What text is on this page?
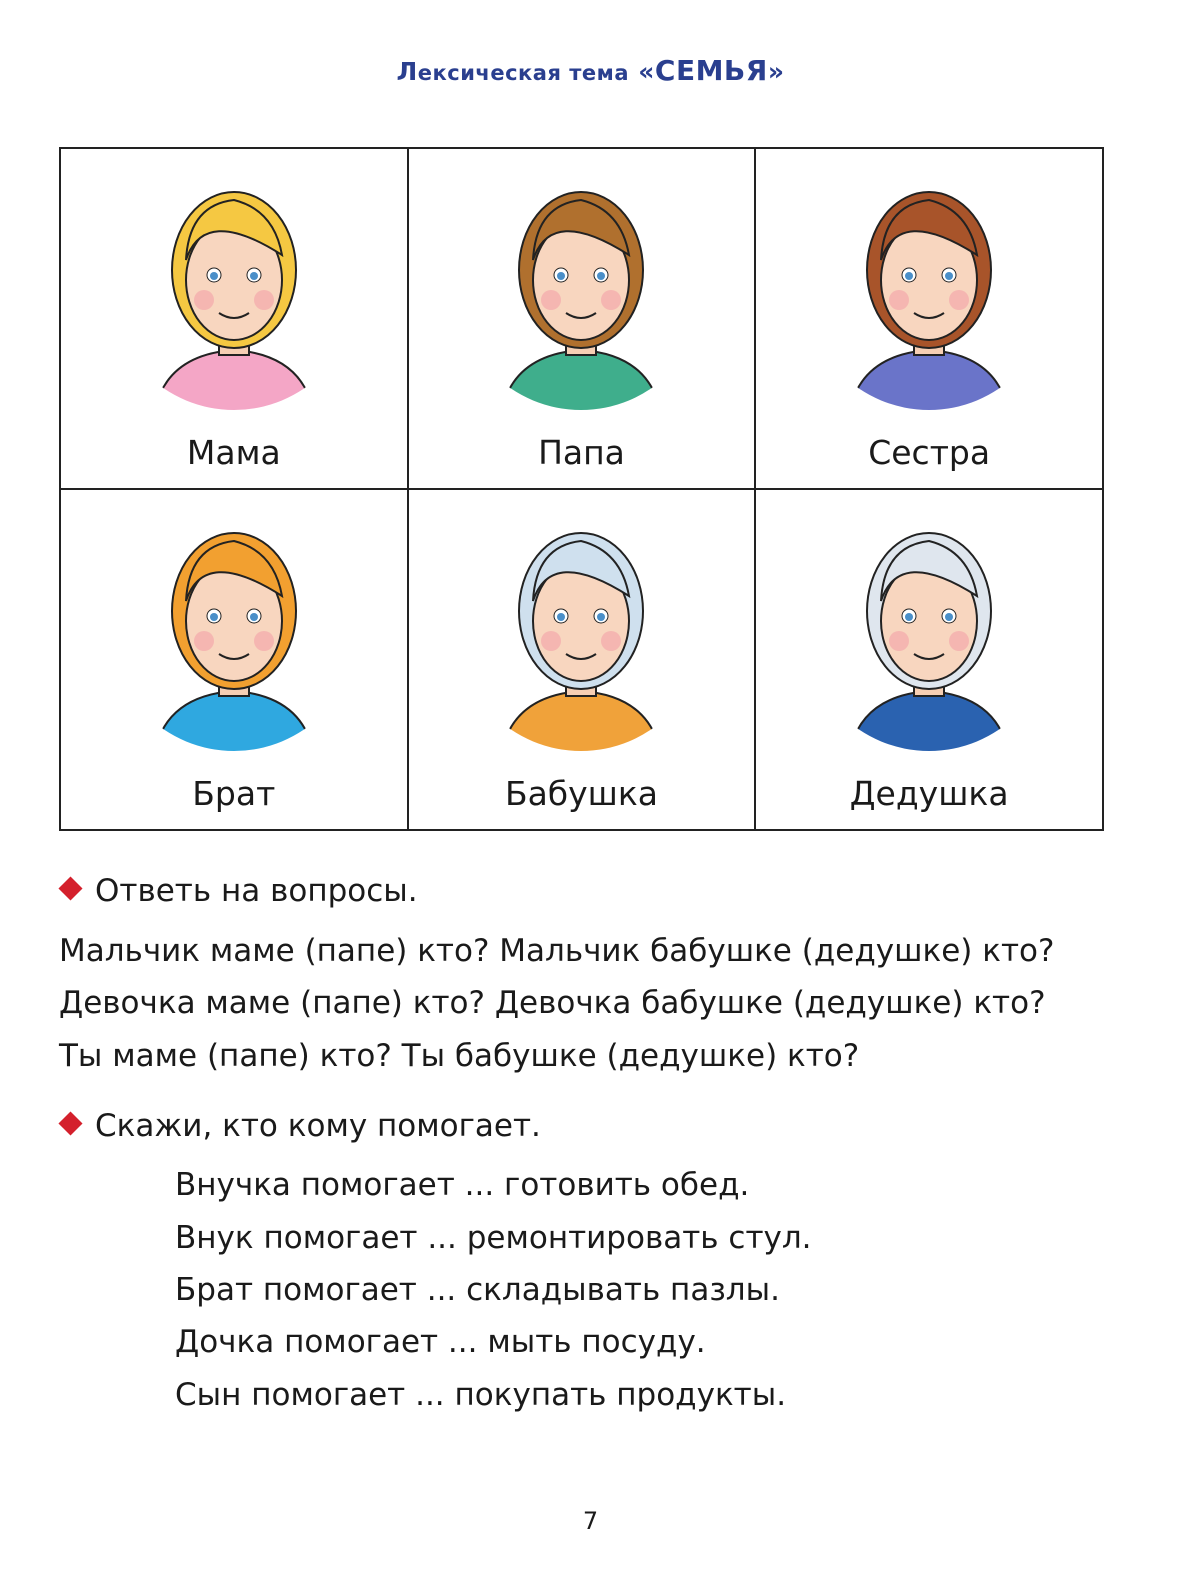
Лексическая тема «СЕМЬЯ»
Мама	Папа	Сестра
Брат	Бабушка	Дедушка
Ответь на вопросы.
Мальчик маме (папе) кто? Мальчик бабушке (дедушке) кто?
Девочка маме (папе) кто? Девочка бабушке (дедушке) кто?
Ты маме (папе) кто? Ты бабушке (дедушке) кто?
Скажи, кто кому помогает.
Внучка помогает ... готовить обед.
Внук помогает ... ремонтировать стул.
Брат помогает ... складывать пазлы.
Дочка помогает ... мыть посуду.
Сын помогает ... покупать продукты.
7
